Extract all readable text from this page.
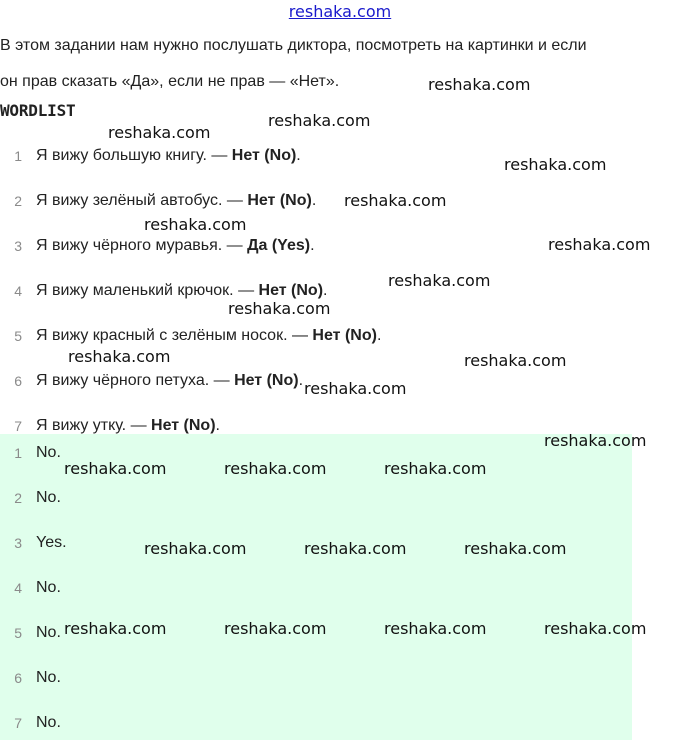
reshaka.com
В этом задании нам нужно послушать диктора, посмотреть на картинки и если
он прав сказать «Да», если не прав — «Нет».
WORDLIST
1 Я вижу большую книгу. — Нет (No).
2 Я вижу зелёный автобус. — Нет (No).
3 Я вижу чёрного муравья. — Да (Yes).
4 Я вижу маленький крючок. — Нет (No).
5 Я вижу красный с зелёным носок. — Нет (No).
6 Я вижу чёрного петуха. — Нет (No).
7 Я вижу утку. — Нет (No).
1 No.
2 No.
3 Yes.
4 No.
5 No.
6 No.
7 No.
reshaka.com
reshaka.com
reshaka.com
reshaka.com
reshaka.com
reshaka.com
reshaka.com
reshaka.com
reshaka.com
reshaka.com	reshaka.com
reshaka.com
reshaka.com
reshaka.com	reshaka.com	reshaka.com
reshaka.com	reshaka.com	reshaka.com
reshaka.com	reshaka.com	reshaka.com	reshaka.com
